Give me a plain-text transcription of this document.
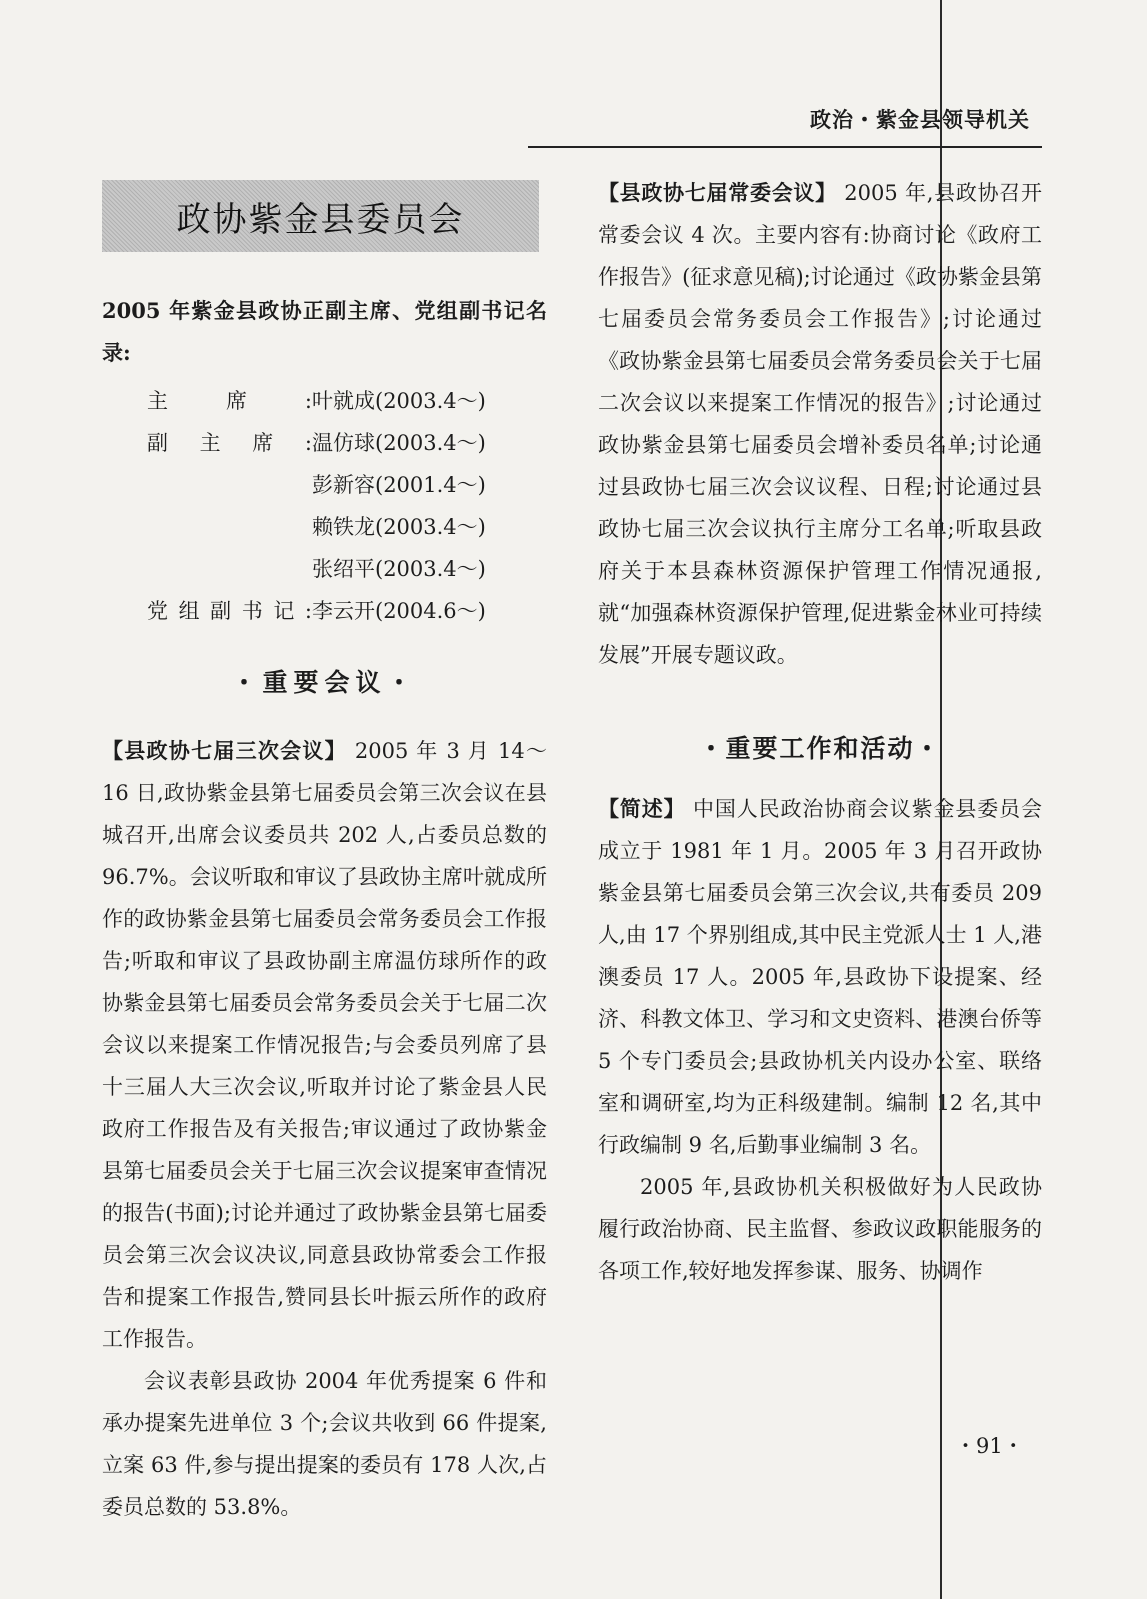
政治・紫金县领导机关
政协紫金县委员会

2005 年紫金县政协正副主席、党组副书记名录:

主席: 叶就成(2003.4～)
副主席: 温仿球(2003.4～)
彭新容(2001.4～)
赖铁龙(2003.4～)
张绍平(2003.4～)
党组副书记: 李云开(2004.6～)
・重要会议・

【县政协七届三次会议】 2005 年 3 月 14～16 日,政协紫金县第七届委员会第三次会议在县城召开,出席会议委员共 202 人,占委员总数的 96.7%。会议听取和审议了县政协主席叶就成所作的政协紫金县第七届委员会常务委员会工作报告;听取和审议了县政协副主席温仿球所作的政协紫金县第七届委员会常务委员会关于七届二次会议以来提案工作情况报告;与会委员列席了县十三届人大三次会议,听取并讨论了紫金县人民政府工作报告及有关报告;审议通过了政协紫金县第七届委员会关于七届三次会议提案审查情况的报告(书面);讨论并通过了政协紫金县第七届委员会第三次会议决议,同意县政协常委会工作报告和提案工作报告,赞同县长叶振云所作的政府工作报告。

会议表彰县政协 2004 年优秀提案 6 件和承办提案先进单位 3 个;会议共收到 66 件提案,立案 63 件,参与提出提案的委员有 178 人次,占委员总数的 53.8%。

【县政协七届常委会议】 2005 年,县政协召开常委会议 4 次。主要内容有:协商讨论《政府工作报告》(征求意见稿);讨论通过《政协紫金县第七届委员会常务委员会工作报告》;讨论通过《政协紫金县第七届委员会常务委员会关于七届二次会议以来提案工作情况的报告》;讨论通过政协紫金县第七届委员会增补委员名单;讨论通过县政协七届三次会议议程、日程;讨论通过县政协七届三次会议执行主席分工名单;听取县政府关于本县森林资源保护管理工作情况通报,就“加强森林资源保护管理,促进紫金林业可持续发展”开展专题议政。

・重要工作和活动・

【简述】 中国人民政治协商会议紫金县委员会成立于 1981 年 1 月。2005 年 3 月召开政协紫金县第七届委员会第三次会议,共有委员 209 人,由 17 个界别组成,其中民主党派人士 1 人,港澳委员 17 人。2005 年,县政协下设提案、经济、科教文体卫、学习和文史资料、港澳台侨等 5 个专门委员会;县政协机关内设办公室、联络室和调研室,均为正科级建制。编制 12 名,其中行政编制 9 名,后勤事业编制 3 名。

2005 年,县政协机关积极做好为人民政协履行政治协商、民主监督、参政议政职能服务的各项工作,较好地发挥参谋、服务、协调作

・91・
